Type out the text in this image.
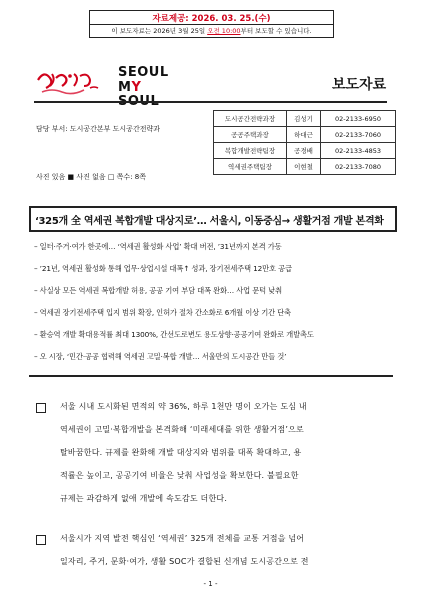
자료제공: 2026. 03. 25.(수)
이 보도자료는 2026년 3월 25일 오전 10:00부터 보도할 수 있습니다.
SEOUL
MY SOUL
보도자료
담당 부서: 도시공간본부 도시공간전략과
사진 있음 ■ 사진 없음 □ 쪽수: 8쪽
도시공간전략과장	김성기	02-2133-6950
공공주택과장	하대근	02-2133-7060
복합개발전략팀장	공경배	02-2133-4853
역세권주택팀장	이현철	02-2133-7080
‘325개 全 역세권 복합개발 대상지로’… 서울시, 이동중심→ 생활거점 개발 본격화
– 일터·주거·여가 한곳에… ‘역세권 활성화 사업’ 확대 버전, ’31년까지 본격 가동
– ’21년, 역세권 활성화 통해 업무·상업시설 대폭↑ 성과, 장기전세주택 12만호 공급
– 사실상 모든 역세권 복합개발 허용, 공공 기여 부담 대폭 완화… 사업 문턱 낮춰
– 역세권 장기전세주택 입지 범위 확장, 인허가 절차 간소화로 6개월 이상 기간 단축
– 환승역 개발 확대용적률 최대 1300%, 간선도로변도 용도상향·공공기여 완화로 개발촉도
– 오 시장, ‘민간·공공 협력해 역세권 고밀·복합 개발… 서울만의 도시공간 만들 것’
서울 시내 도시화된 면적의 약 36%, 하루 1천만 명이 오가는 도심 내
역세권이 고밀·복합개발을 본격화해 ‘미래세대를 위한 생활거점’으로
탈바꿈한다. 규제를 완화해 개발 대상지와 범위를 대폭 확대하고, 용
적률은 높이고, 공공기여 비율은 낮춰 사업성을 확보한다. 불필요한
규제는 과감하게 없애 개발에 속도감도 더한다.
서울시가 지역 발전 핵심인 ‘역세권’ 325개 전체를 교통 거점을 넘어
일자리, 주거, 문화·여가, 생활 SOC가 결합된 신개념 도시공간으로 전
- 1 -
